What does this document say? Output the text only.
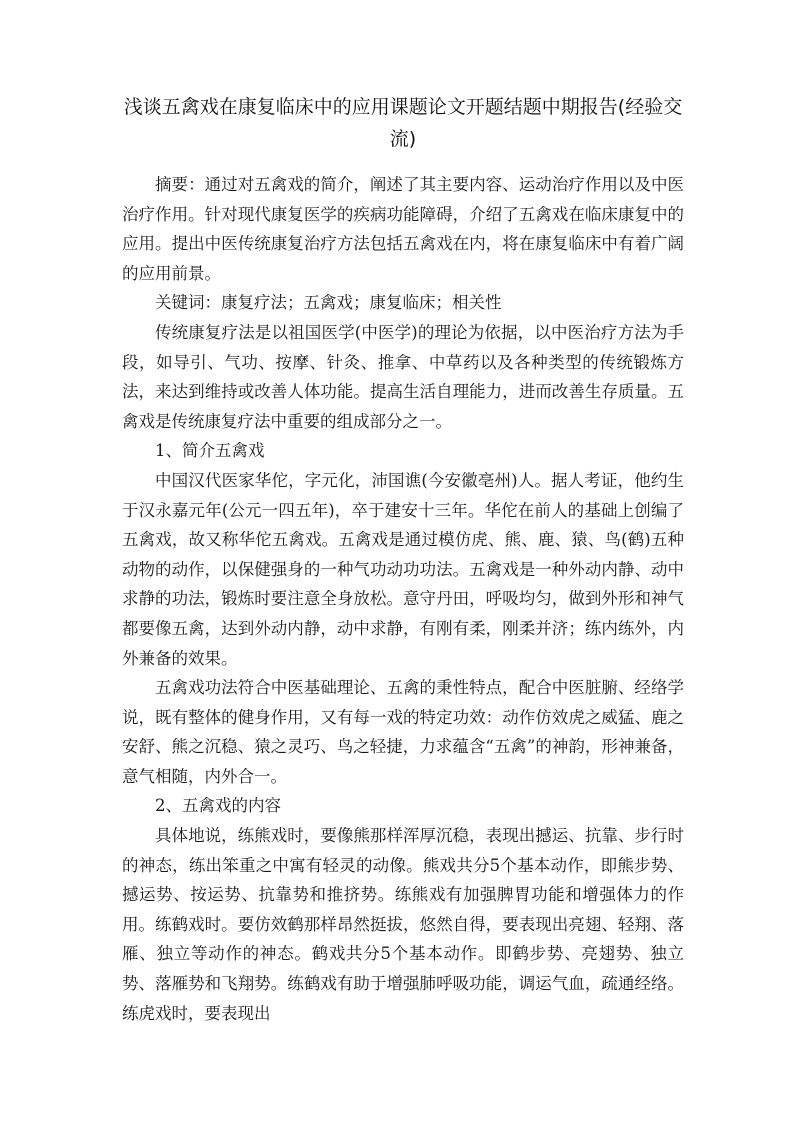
浅谈五禽戏在康复临床中的应用课题论文开题结题中期报告(经验交流)

摘要：通过对五禽戏的简介，阐述了其主要内容、运动治疗作用以及中医治疗作用。针对现代康复医学的疾病功能障碍，介绍了五禽戏在临床康复中的应用。提出中医传统康复治疗方法包括五禽戏在内，将在康复临床中有着广阔的应用前景。

关键词：康复疗法；五禽戏；康复临床；相关性

传统康复疗法是以祖国医学(中医学)的理论为依据，以中医治疗方法为手段，如导引、气功、按摩、针灸、推拿、中草药以及各种类型的传统锻炼方法，来达到维持或改善人体功能。提高生活自理能力，进而改善生存质量。五禽戏是传统康复疗法中重要的组成部分之一。

1、简介五禽戏

中国汉代医家华佗，字元化，沛国谯(今安徽亳州)人。据人考证，他约生于汉永嘉元年(公元一四五年)，卒于建安十三年。华佗在前人的基础上创编了五禽戏，故又称华佗五禽戏。五禽戏是通过模仿虎、熊、鹿、猿、鸟(鹤)五种动物的动作，以保健强身的一种气功动功功法。五禽戏是一种外动内静、动中求静的功法，锻炼时要注意全身放松。意守丹田，呼吸均匀，做到外形和神气都要像五禽，达到外动内静，动中求静，有刚有柔，刚柔并济；练内练外，内外兼备的效果。

五禽戏功法符合中医基础理论、五禽的秉性特点，配合中医脏腑、经络学说，既有整体的健身作用，又有每一戏的特定功效：动作仿效虎之威猛、鹿之安舒、熊之沉稳、猿之灵巧、鸟之轻捷，力求蕴含“五禽”的神韵，形神兼备，意气相随，内外合一。

2、五禽戏的内容

具体地说，练熊戏时，要像熊那样浑厚沉稳，表现出撼运、抗靠、步行时的神态，练出笨重之中寓有轻灵的动像。熊戏共分5个基本动作，即熊步势、撼运势、按运势、抗靠势和推挤势。练熊戏有加强脾胃功能和增强体力的作用。练鹤戏时。要仿效鹤那样昂然挺拔，悠然自得，要表现出亮翅、轻翔、落雁、独立等动作的神态。鹤戏共分5个基本动作。即鹤步势、亮翅势、独立势、落雁势和飞翔势。练鹤戏有助于增强肺呼吸功能，调运气血，疏通经络。练虎戏时，要表现出
